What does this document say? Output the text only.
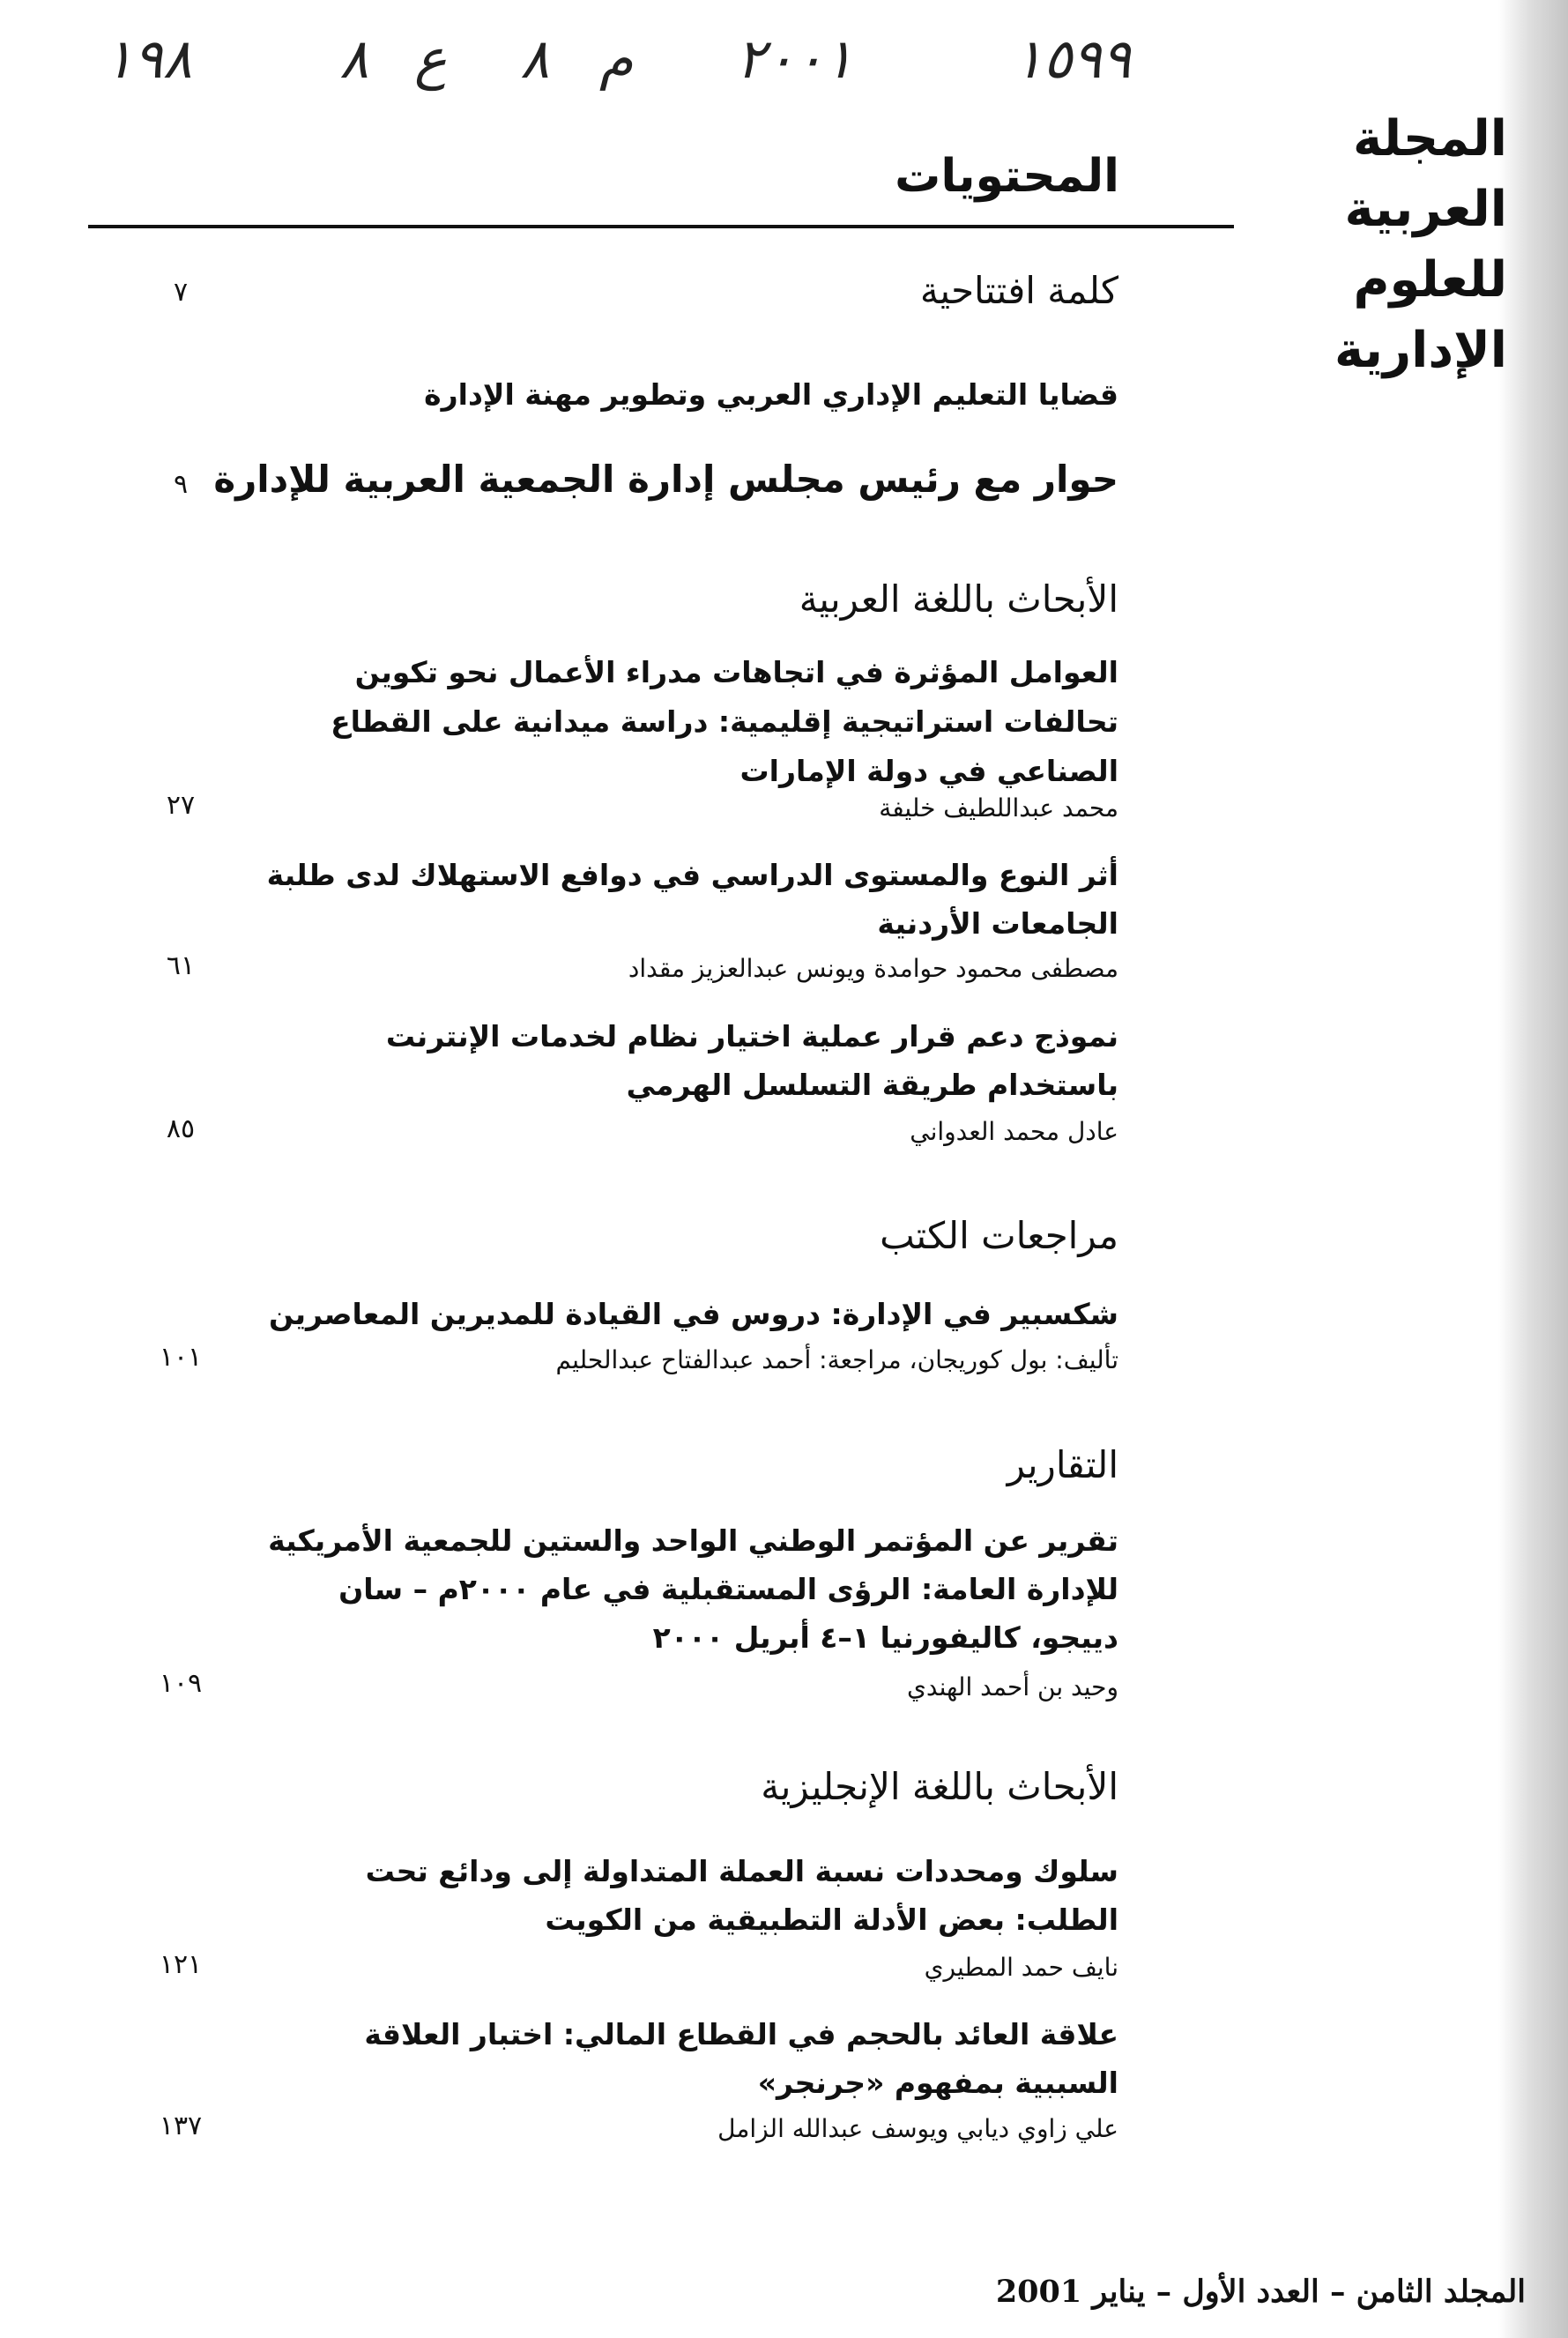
١٩٨	٨ ع ٨ م ٢٠٠١	١٥٩٩
المجلة العربية
للعلوم الإدارية
المحتويات
كلمة افتتاحية
٧
قضايا التعليم الإداري العربي وتطوير مهنة الإدارة
حوار مع رئيس مجلس إدارة الجمعية العربية للإدارة
٩
الأبحاث باللغة العربية
العوامل المؤثرة في اتجاهات مدراء الأعمال نحو تكوين تحالفات استراتيجية إقليمية: دراسة ميدانية على القطاع الصناعي في دولة الإمارات
محمد عبداللطيف خليفة
٢٧
أثر النوع والمستوى الدراسي في دوافع الاستهلاك لدى طلبة الجامعات الأردنية
مصطفى محمود حوامدة ويونس عبدالعزيز مقداد
٦١
نموذج دعم قرار عملية اختيار نظام لخدمات الإنترنت باستخدام طريقة التسلسل الهرمي
عادل محمد العدواني
٨٥
مراجعات الكتب
شكسبير في الإدارة: دروس في القيادة للمديرين المعاصرين
تأليف: بول كوريجان، مراجعة: أحمد عبدالفتاح عبدالحليم
١٠١
التقارير
تقرير عن المؤتمر الوطني الواحد والستين للجمعية الأمريكية للإدارة العامة: الرؤى المستقبلية في عام ٢٠٠٠م – سان دييجو، كاليفورنيا ١–٤ أبريل ٢٠٠٠
وحيد بن أحمد الهندي
١٠٩
الأبحاث باللغة الإنجليزية
سلوك ومحددات نسبة العملة المتداولة إلى ودائع تحت الطلب: بعض الأدلة التطبيقية من الكويت
نايف حمد المطيري
١٢١
علاقة العائد بالحجم في القطاع المالي: اختبار العلاقة السببية بمفهوم «جرنجر»
علي زاوي ديابي ويوسف عبدالله الزامل
١٣٧
المجلد الثامن – العدد الأول – يناير 2001
